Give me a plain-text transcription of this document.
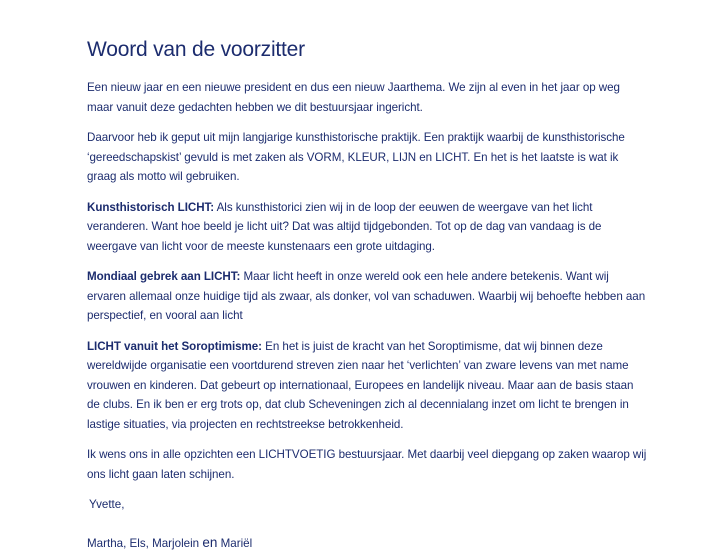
Woord van de voorzitter

Een nieuw jaar en een nieuwe president en dus een nieuw Jaarthema. We zijn al even in het jaar op weg maar vanuit deze gedachten hebben we dit bestuursjaar ingericht.

Daarvoor heb ik geput uit mijn langjarige kunsthistorische praktijk. Een praktijk waarbij de kunsthistorische ‘gereedschapskist’ gevuld is met zaken als VORM, KLEUR, LIJN en LICHT. En het is het laatste is wat ik graag als motto wil gebruiken.

Kunsthistorisch LICHT: Als kunsthistorici zien wij in de loop der eeuwen de weergave van het licht veranderen. Want hoe beeld je licht uit? Dat was altijd tijdgebonden. Tot op de dag van vandaag is de weergave van licht voor de meeste kunstenaars een grote uitdaging.

Mondiaal gebrek aan LICHT: Maar licht heeft in onze wereld ook een hele andere betekenis. Want wij ervaren allemaal onze huidige tijd als zwaar, als donker, vol van schaduwen. Waarbij wij behoefte hebben aan perspectief, en vooral aan licht

LICHT vanuit het Soroptimisme: En het is juist de kracht van het Soroptimisme, dat wij binnen deze wereldwijde organisatie een voortdurend streven zien naar het ‘verlichten’ van zware levens van met name vrouwen en kinderen. Dat gebeurt op internationaal, Europees en landelijk niveau. Maar aan de basis staan de clubs. En ik ben er erg trots op, dat club Scheveningen zich al decennialang inzet om licht te brengen in lastige situaties, via projecten en rechtstreekse betrokkenheid.

Ik wens ons in alle opzichten een LICHTVOETIG bestuursjaar. Met daarbij veel diepgang op zaken waarop wij ons licht gaan laten schijnen.

Yvette,

Martha, Els, Marjolein en Mariël
